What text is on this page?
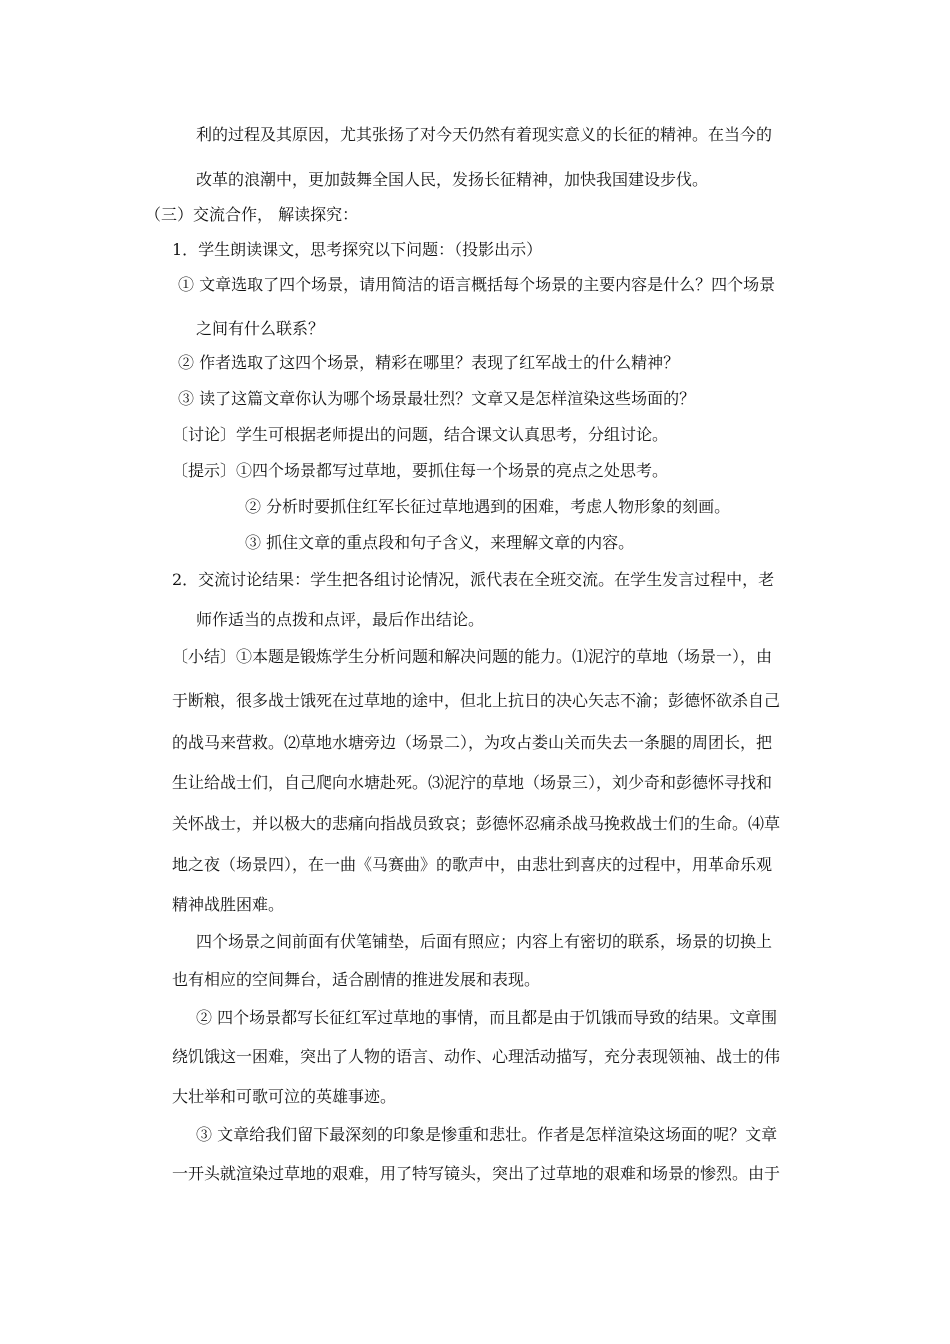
利的过程及其原因，尤其张扬了对今天仍然有着现实意义的长征的精神。在当今的
改革的浪潮中，更加鼓舞全国人民，发扬长征精神，加快我国建设步伐。
（三）交流合作， 解读探究：
1．学生朗读课文，思考探究以下问题：（投影出示）
① 文章选取了四个场景，请用简洁的语言概括每个场景的主要内容是什么？四个场景
之间有什么联系？
② 作者选取了这四个场景，精彩在哪里？表现了红军战士的什么精神？
③ 读了这篇文章你认为哪个场景最壮烈？文章又是怎样渲染这些场面的？
〔讨论〕学生可根据老师提出的问题，结合课文认真思考，分组讨论。
〔提示〕①四个场景都写过草地，要抓住每一个场景的亮点之处思考。
② 分析时要抓住红军长征过草地遇到的困难，考虑人物形象的刻画。
③ 抓住文章的重点段和句子含义，来理解文章的内容。
2．交流讨论结果：学生把各组讨论情况，派代表在全班交流。在学生发言过程中，老
师作适当的点拨和点评，最后作出结论。
〔小结〕①本题是锻炼学生分析问题和解决问题的能力。⑴泥泞的草地（场景一），由
于断粮，很多战士饿死在过草地的途中，但北上抗日的决心矢志不渝；彭德怀欲杀自己
的战马来营救。⑵草地水塘旁边（场景二），为攻占娄山关而失去一条腿的周团长，把
生让给战士们，自己爬向水塘赴死。⑶泥泞的草地（场景三），刘少奇和彭德怀寻找和
关怀战士，并以极大的悲痛向指战员致哀；彭德怀忍痛杀战马挽救战士们的生命。⑷草
地之夜（场景四），在一曲《马赛曲》的歌声中，由悲壮到喜庆的过程中，用革命乐观
精神战胜困难。
四个场景之间前面有伏笔铺垫，后面有照应；内容上有密切的联系，场景的切换上
也有相应的空间舞台，适合剧情的推进发展和表现。
② 四个场景都写长征红军过草地的事情，而且都是由于饥饿而导致的结果。文章围
绕饥饿这一困难，突出了人物的语言、动作、心理活动描写，充分表现领袖、战士的伟
大壮举和可歌可泣的英雄事迹。
③ 文章给我们留下最深刻的印象是惨重和悲壮。作者是怎样渲染这场面的呢？文章
一开头就渲染过草地的艰难，用了特写镜头，突出了过草地的艰难和场景的惨烈。由于
